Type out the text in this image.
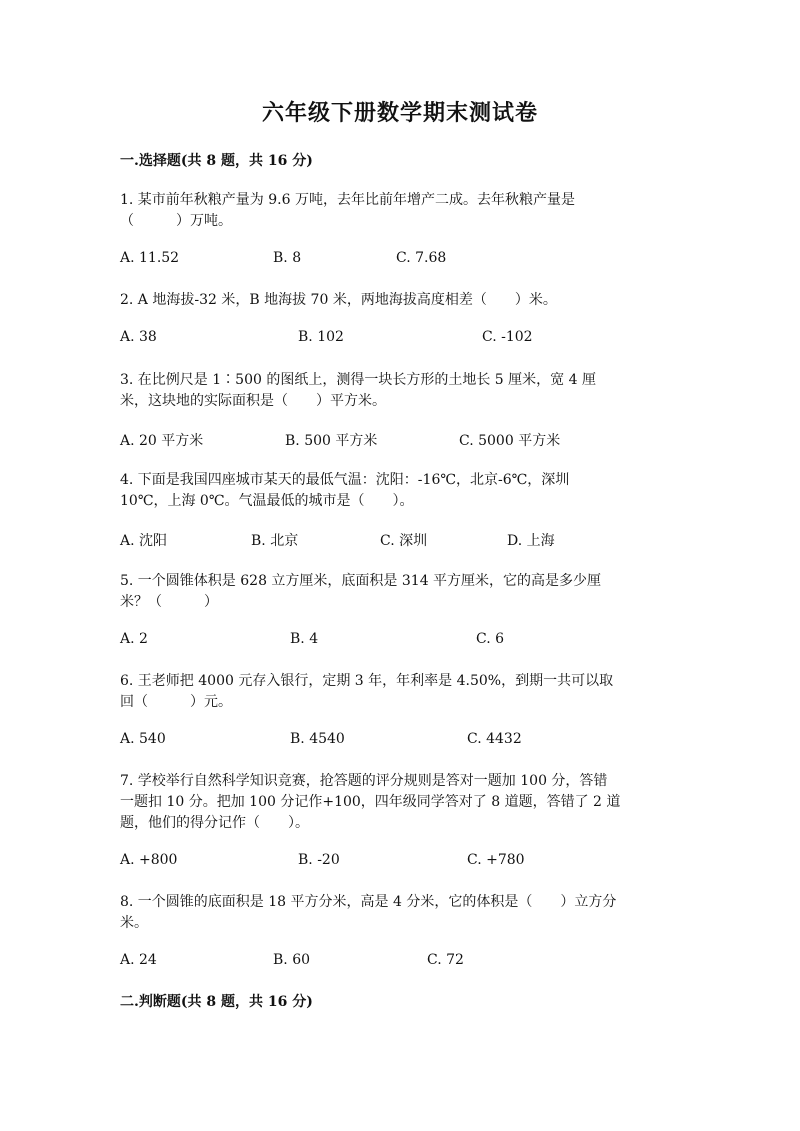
六年级下册数学期末测试卷
一.选择题(共 8 题，共 16 分)
1. 某市前年秋粮产量为 9.6 万吨，去年比前年增产二成。去年秋粮产量是
（　　　）万吨。
A. 11.52	B. 8	C. 7.68
2. A 地海拔-32 米，B 地海拔 70 米，两地海拔高度相差（　　）米。
A. 38	B. 102	C. -102
3. 在比例尺是 1∶500 的图纸上，测得一块长方形的土地长 5 厘米，宽 4 厘
米，这块地的实际面积是（　　）平方米。
A. 20 平方米	B. 500 平方米	C. 5000 平方米
4. 下面是我国四座城市某天的最低气温：沈阳：-16℃，北京-6℃，深圳
10℃，上海 0℃。气温最低的城市是（　　）。
A. 沈阳	B. 北京	C. 深圳	D. 上海
5. 一个圆锥体积是 628 立方厘米，底面积是 314 平方厘米，它的高是多少厘
米？（　　　）
A. 2	B. 4	C. 6
6. 王老师把 4000 元存入银行，定期 3 年，年利率是 4.50%，到期一共可以取
回（　　　）元。
A. 540	B. 4540	C. 4432
7. 学校举行自然科学知识竞赛，抢答题的评分规则是答对一题加 100 分，答错
一题扣 10 分。把加 100 分记作+100，四年级同学答对了 8 道题，答错了 2 道
题，他们的得分记作（　　）。
A. +800	B. -20	C. +780
8. 一个圆锥的底面积是 18 平方分米，高是 4 分米，它的体积是（　　）立方分
米。
A. 24	B. 60	C. 72
二.判断题(共 8 题，共 16 分)
